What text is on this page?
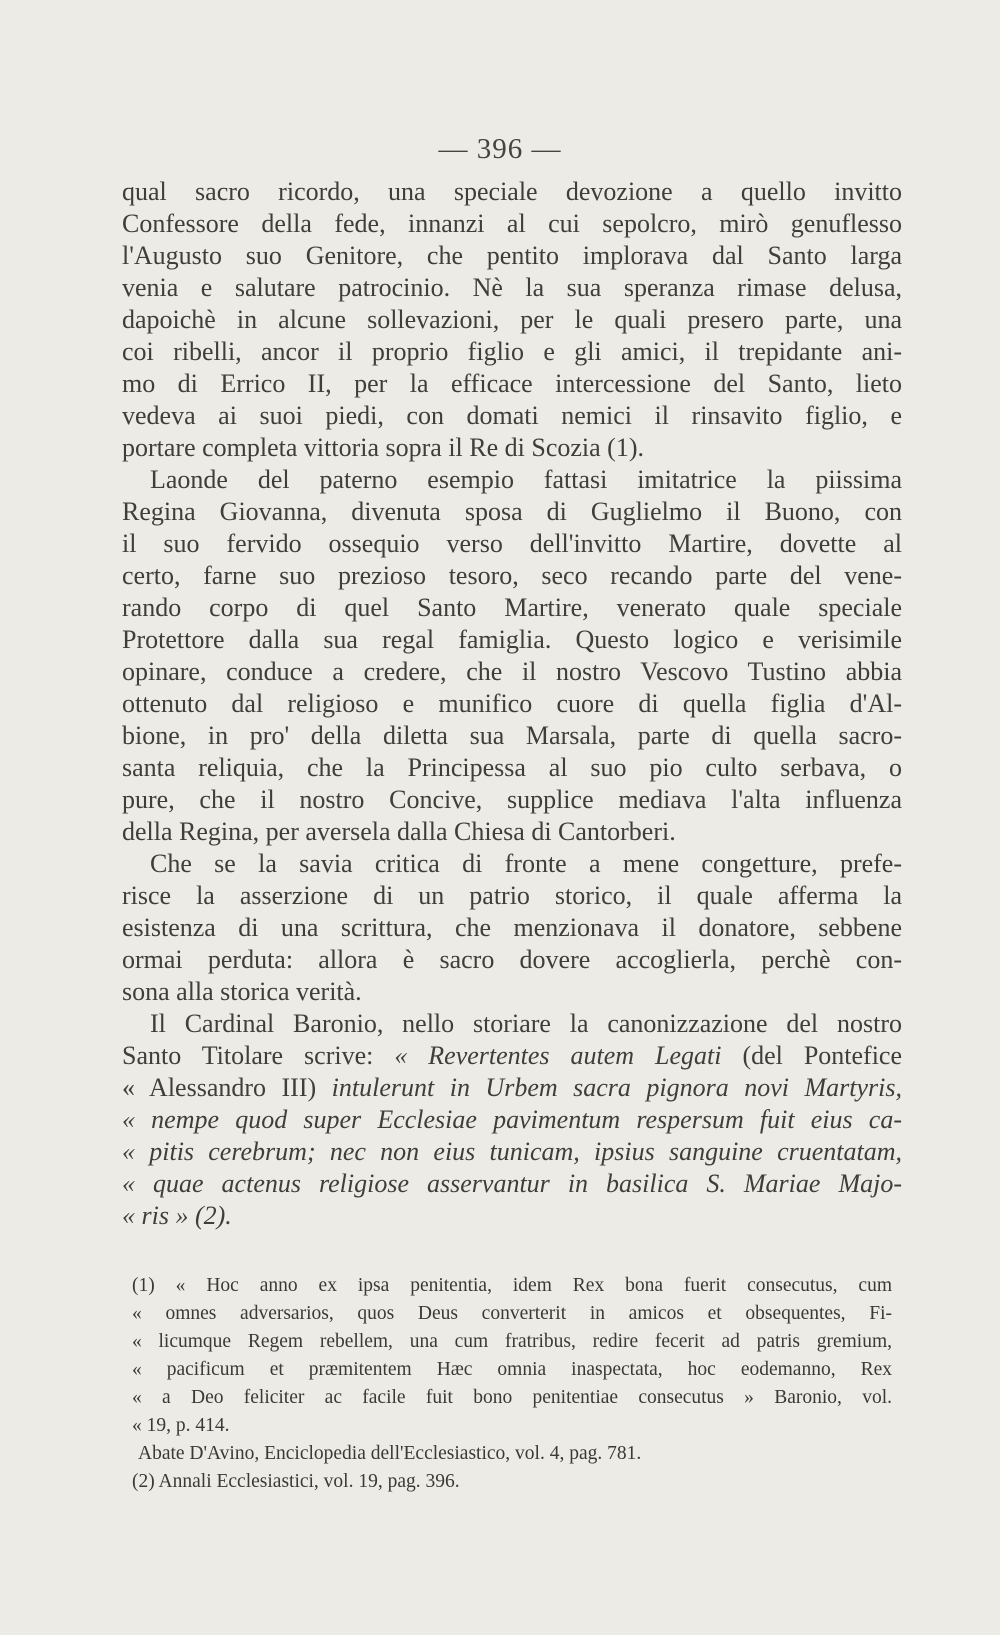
— 396 —
qual sacro ricordo, una speciale devozione a quello invitto
Confessore della fede, innanzi al cui sepolcro, mirò genuflesso
l'Augusto suo Genitore, che pentito implorava dal Santo larga
venia e salutare patrocinio. Nè la sua speranza rimase delusa,
dapoichè in alcune sollevazioni, per le quali presero parte, una
coi ribelli, ancor il proprio figlio e gli amici, il trepidante ani-
mo di Errico II, per la efficace intercessione del Santo, lieto
vedeva ai suoi piedi, con domati nemici il rinsavito figlio, e
portare completa vittoria sopra il Re di Scozia (1).
Laonde del paterno esempio fattasi imitatrice la piissima
Regina Giovanna, divenuta sposa di Guglielmo il Buono, con
il suo fervido ossequio verso dell'invitto Martire, dovette al
certo, farne suo prezioso tesoro, seco recando parte del vene-
rando corpo di quel Santo Martire, venerato quale speciale
Protettore dalla sua regal famiglia. Questo logico e verisimile
opinare, conduce a credere, che il nostro Vescovo Tustino abbia
ottenuto dal religioso e munifico cuore di quella figlia d'Al-
bione, in pro' della diletta sua Marsala, parte di quella sacro-
santa reliquia, che la Principessa al suo pio culto serbava, o
pure, che il nostro Concive, supplice mediava l'alta influenza
della Regina, per aversela dalla Chiesa di Cantorberi.
Che se la savia critica di fronte a mene congetture, prefe-
risce la asserzione di un patrio storico, il quale afferma la
esistenza di una scrittura, che menzionava il donatore, sebbene
ormai perduta: allora è sacro dovere accoglierla, perchè con-
sona alla storica verità.
Il Cardinal Baronio, nello storiare la canonizzazione del nostro
Santo Titolare scrive: « Revertentes autem Legati (del Pontefice
« Alessandro III) intulerunt in Urbem sacra pignora novi Martyris,
« nempe quod super Ecclesiae pavimentum respersum fuit eius ca-
« pitis cerebrum; nec non eius tunicam, ipsius sanguine cruentatam,
« quae actenus religiose asservantur in basilica S. Mariae Majo-
« ris » (2).
(1) « Hoc anno ex ipsa penitentia, idem Rex bona fuerit consecutus, cum
« omnes adversarios, quos Deus converterit in amicos et obsequentes, Fi-
« licumque Regem rebellem, una cum fratribus, redire fecerit ad patris gremium,
« pacificum et præmitentem Hæc omnia inaspectata, hoc eodemanno, Rex
« a Deo feliciter ac facile fuit bono penitentiae consecutus » Baronio, vol.
« 19, p. 414.
Abate D'Avino, Enciclopedia dell'Ecclesiastico, vol. 4, pag. 781.
(2) Annali Ecclesiastici, vol. 19, pag. 396.
